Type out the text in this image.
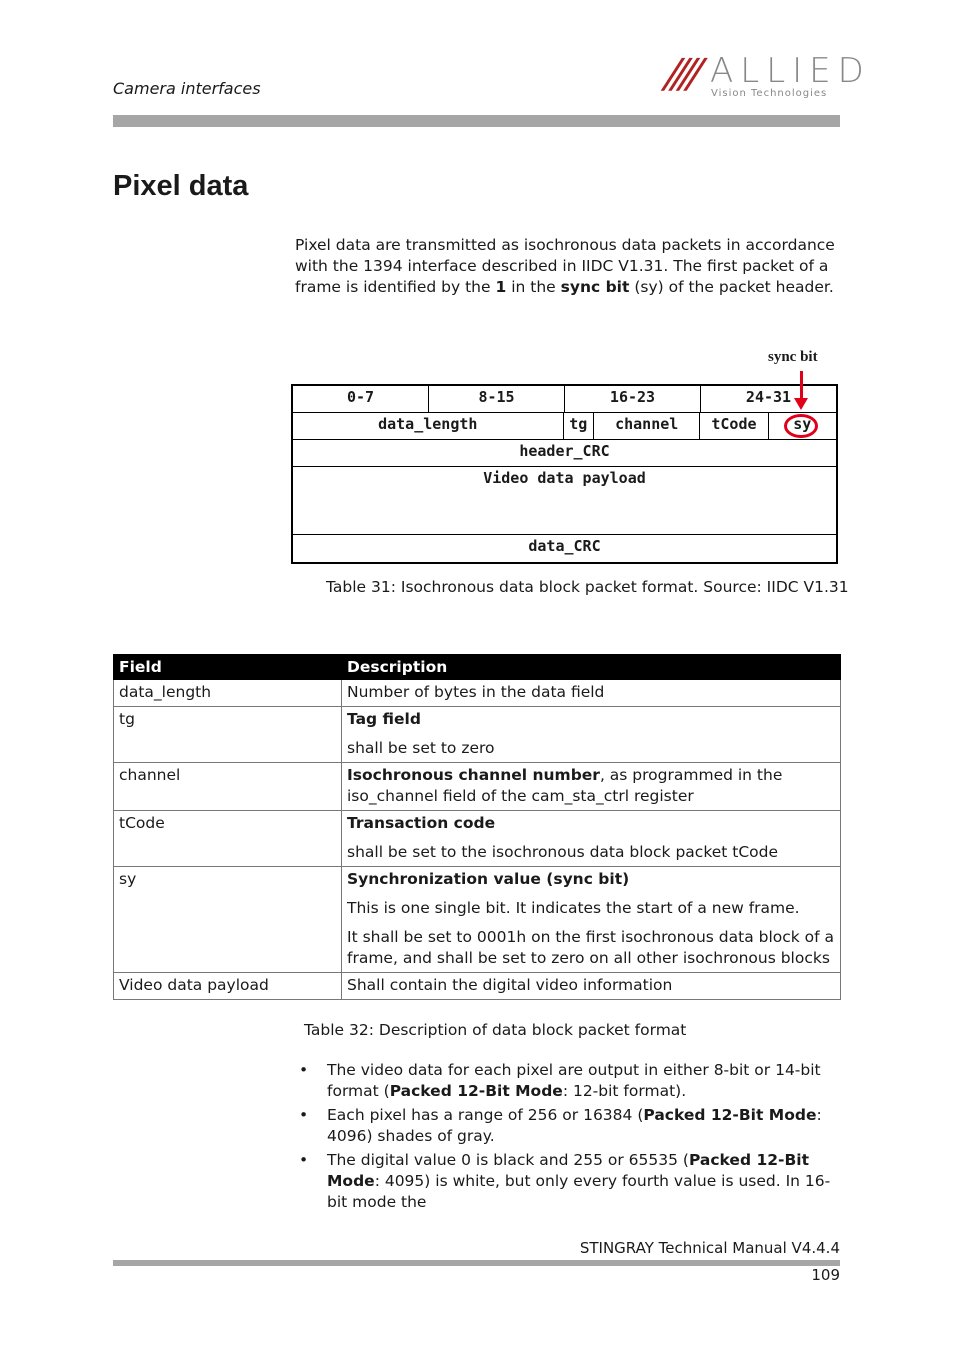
Camera interfaces	//// ALLIED
Vision Technologies
Pixel data
Pixel data are transmitted as isochronous data packets in accordance with the 1394 interface described in IIDC V1.31. The first packet of a frame is identified by the 1 in the sync bit (sy) of the packet header.
sync bit
0-7	8-15	16-23	24-31
data_length	tg	channel	tCode	sy
header_CRC
Video data payload
data_CRC
Table 31: Isochronous data block packet format. Source: IIDC V1.31
Field	Description
data_length	Number of bytes in the data field

tg	Tag field

shall be set to zero

channel	Isochronous channel number, as programmed in the iso_channel field of the cam_sta_ctrl register

tCode	Transaction code

shall be set to the isochronous data block packet tCode

sy	Synchronization value (sync bit)

This is one single bit. It indicates the start of a new frame.

It shall be set to 0001h on the first isochronous data block of a frame, and shall be set to zero on all other isochronous blocks

Video data payload	Shall contain the digital video information

Table 32: Description of data block packet format
• The video data for each pixel are output in either 8-bit or 14-bit format (Packed 12-Bit Mode: 12-bit format).
• Each pixel has a range of 256 or 16384 (Packed 12-Bit Mode: 4096) shades of gray.
• The digital value 0 is black and 255 or 65535 (Packed 12-Bit Mode: 4095) is white, but only every fourth value is used. In 16-bit mode the
STINGRAY Technical Manual V4.4.4
109
